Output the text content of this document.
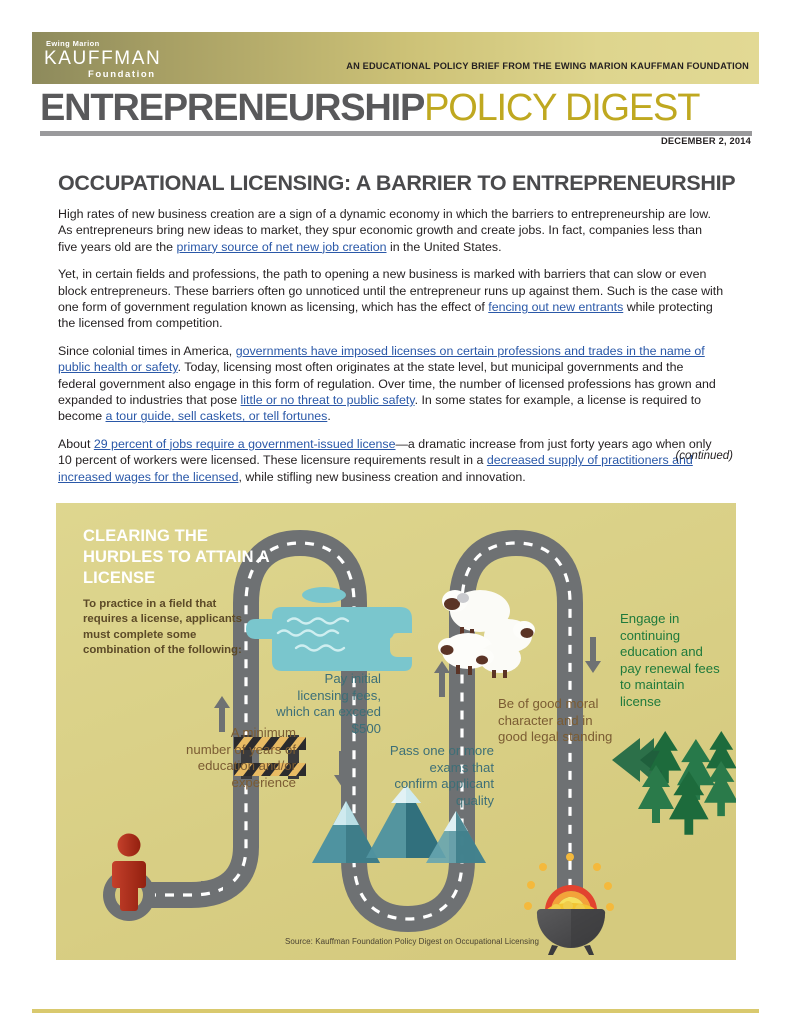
Ewing Marion
KAUFFMAN
Foundation
AN EDUCATIONAL POLICY BRIEF FROM THE EWING MARION KAUFFMAN FOUNDATION
ENTREPRENEURSHIPPOLICY DIGEST
DECEMBER 2, 2014
OCCUPATIONAL LICENSING: A BARRIER TO ENTREPRENEURSHIP

High rates of new business creation are a sign of a dynamic economy in which the barriers to entrepreneurship are low. As entrepreneurs bring new ideas to market, they spur economic growth and create jobs. In fact, companies less than five years old are the primary source of net new job creation in the United States.

Yet, in certain fields and professions, the path to opening a new business is marked with barriers that can slow or even block entrepreneurs. These barriers often go unnoticed until the entrepreneur runs up against them. Such is the case with one form of government regulation known as licensing, which has the effect of fencing out new entrants while protecting the licensed from competition.

Since colonial times in America, governments have imposed licenses on certain professions and trades in the name of public health or safety. Today, licensing most often originates at the state level, but municipal governments and the federal government also engage in this form of regulation. Over time, the number of licensed professions has grown and expanded to industries that pose little or no threat to public safety. In some states for example, a license is required to become a tour guide, sell caskets, or tell fortunes.

About 29 percent of jobs require a government-issued license—a dramatic increase from just forty years ago when only 10 percent of workers were licensed. These licensure requirements result in a decreased supply of practitioners and increased wages for the licensed, while stifling new business creation and innovation.

(continued)
CLEARING THE HURDLES TO ATTAIN A LICENSE
To practice in a field that requires a license, applicants must complete some combination of the following:
A minimum number of years of education and/or experience
Pay initial licensing fees, which can exceed $500
Pass one or more exams that confirm applicant quality
Be of good moral character and in good legal standing
Engage in continuing education and pay renewal fees to maintain license
Source: Kauffman Foundation Policy Digest on Occupational Licensing
